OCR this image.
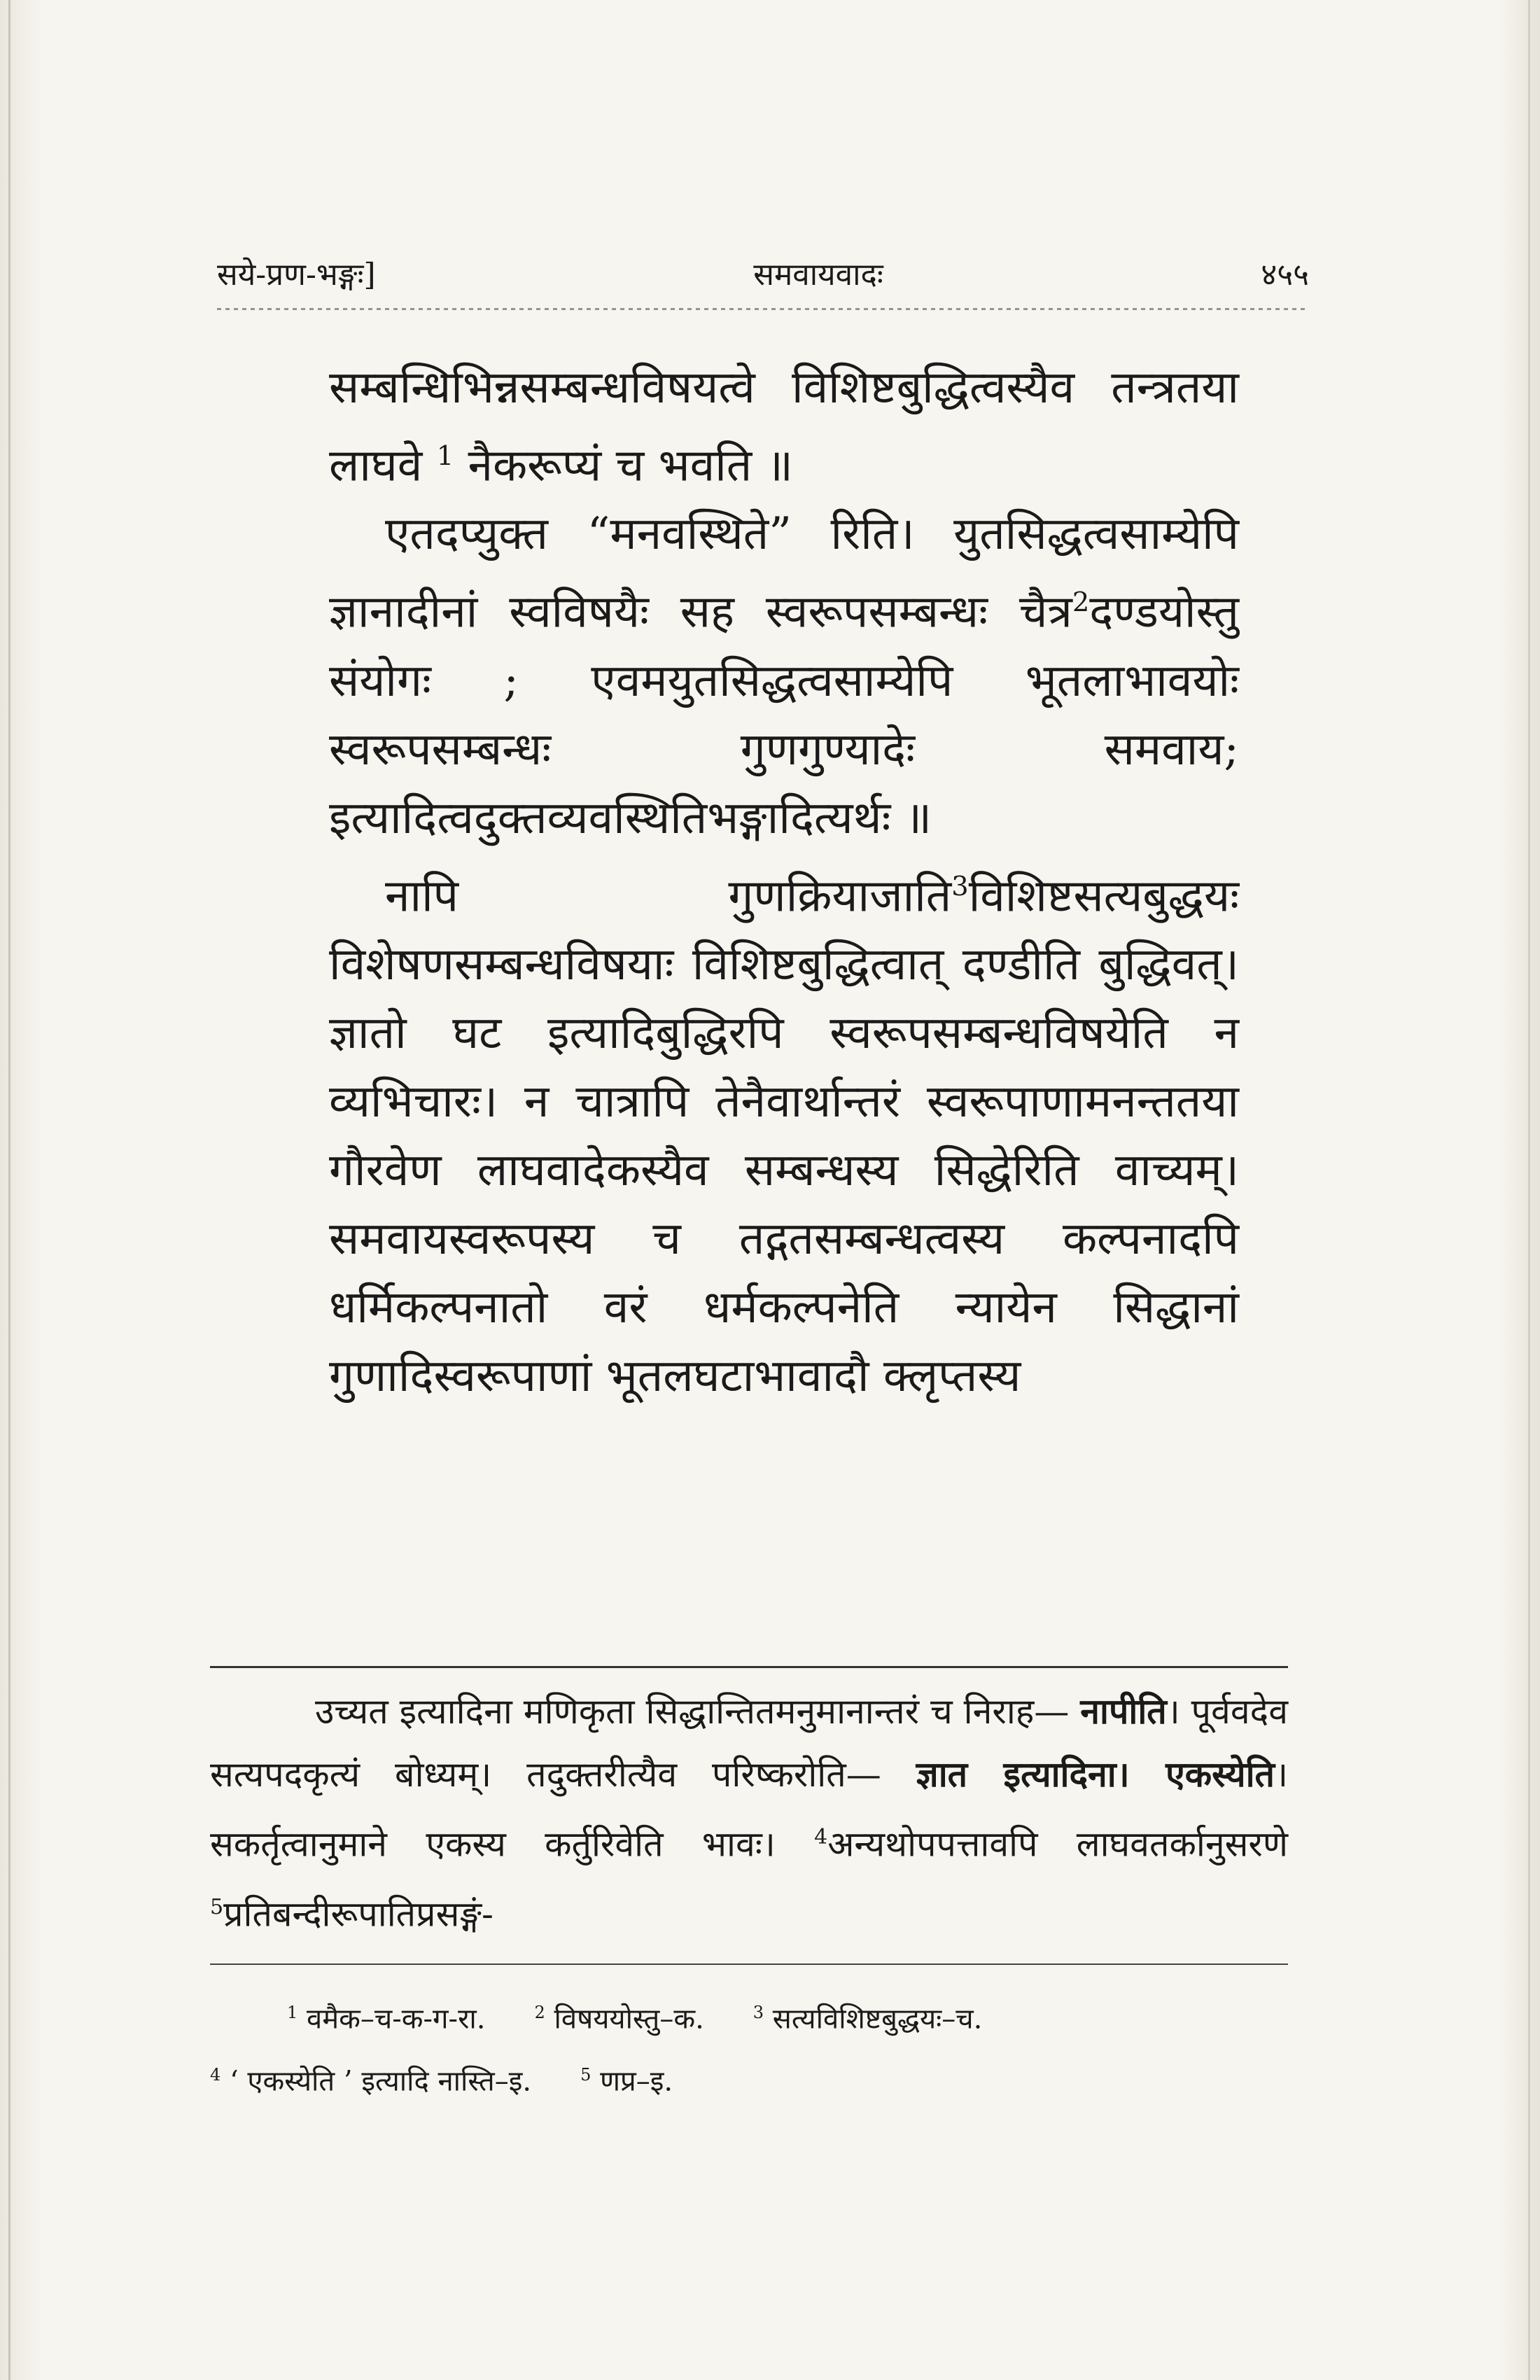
सये-प्रण-भङ्गः]	समवायवादः	४५५

सम्बन्धिभिन्नसम्बन्धविषयत्वे विशिष्टबुद्धित्वस्यैव तन्त्रतया लाघवे $^1$ नैकरूप्यं च भवति ॥

एतदप्युक्त “मनवस्थिते” रिति। युतसिद्धत्वसाम्येपि ज्ञानादीनां स्वविषयैः सह स्वरूपसम्बन्धः चैत्र$^2$दण्डयोस्तु संयोगः ; एवमयुतसिद्धत्वसाम्येपि भूतलाभावयोः स्वरूपसम्बन्धः गुणगुण्यादेः समवाय; इत्यादित्वदुक्तव्यवस्थितिभङ्गादित्यर्थः ॥

नापि गुणक्रियाजाति$^3$विशिष्टसत्यबुद्धयः विशेषणसम्बन्धविषयाः विशिष्टबुद्धित्वात् दण्डीति बुद्धिवत्। ज्ञातो घट इत्यादिबुद्धिरपि स्वरूपसम्बन्धविषयेति न व्यभिचारः। न चात्रापि तेनैवार्थान्तरं स्वरूपाणामनन्ततया गौरवेण लाघवादेकस्यैव सम्बन्धस्य सिद्धेरिति वाच्यम्। समवायस्वरूपस्य च तद्गतसम्बन्धत्वस्य कल्पनादपि धर्मिकल्पनातो वरं धर्मकल्पनेति न्यायेन सिद्धानां गुणादिस्वरूपाणां भूतलघटाभावादौ क्लृप्तस्य

उच्यत इत्यादिना मणिकृता सिद्धान्तितमनुमानान्तरं च निराह— नापीति। पूर्ववदेव सत्यपदकृत्यं बोध्यम्। तदुक्तरीत्यैव परिष्करोति— ज्ञात इत्यादिना। एकस्येति। सकर्तृत्वानुमाने एकस्य कर्तुरिवेति भावः। $^4$अन्यथोपपत्तावपि लाघवतर्कानुसरणे $^5$प्रतिबन्दीरूपातिप्रसङ्गं-

$^1$ वमैक–च-क-ग-रा.	$^2$ विषययोस्तु–क.	$^3$ सत्यविशिष्टबुद्धयः–च.
$^4$ ‘ एकस्येति ’ इत्यादि नास्ति–इ.	$^5$ णप्र–इ.
